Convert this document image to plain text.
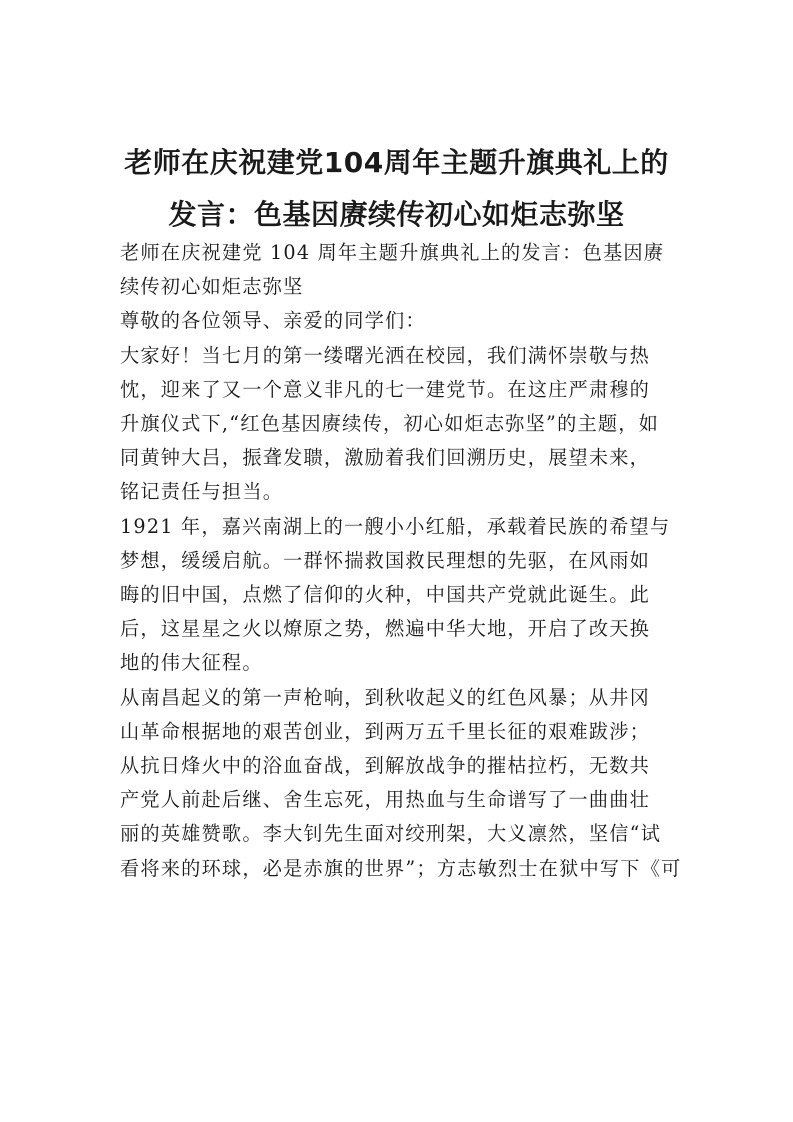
老师在庆祝建党104周年主题升旗典礼上的
发言：色基因赓续传初心如炬志弥坚
老师在庆祝建党 104 周年主题升旗典礼上的发言：色基因赓
续传初心如炬志弥坚
尊敬的各位领导、亲爱的同学们：
大家好！当七月的第一缕曙光洒在校园，我们满怀崇敬与热
忱，迎来了又一个意义非凡的七一建党节。在这庄严肃穆的
升旗仪式下,“红色基因赓续传，初心如炬志弥坚”的主题，如
同黄钟大吕，振聋发聩，激励着我们回溯历史，展望未来，
铭记责任与担当。
1921 年，嘉兴南湖上的一艘小小红船，承载着民族的希望与
梦想，缓缓启航。一群怀揣救国救民理想的先驱，在风雨如
晦的旧中国，点燃了信仰的火种，中国共产党就此诞生。此
后，这星星之火以燎原之势，燃遍中华大地，开启了改天换
地的伟大征程。
从南昌起义的第一声枪响，到秋收起义的红色风暴；从井冈
山革命根据地的艰苦创业，到两万五千里长征的艰难跋涉；
从抗日烽火中的浴血奋战，到解放战争的摧枯拉朽，无数共
产党人前赴后继、舍生忘死，用热血与生命谱写了一曲曲壮
丽的英雄赞歌。李大钊先生面对绞刑架，大义凛然，坚信“试
看将来的环球，必是赤旗的世界”；方志敏烈士在狱中写下《可
